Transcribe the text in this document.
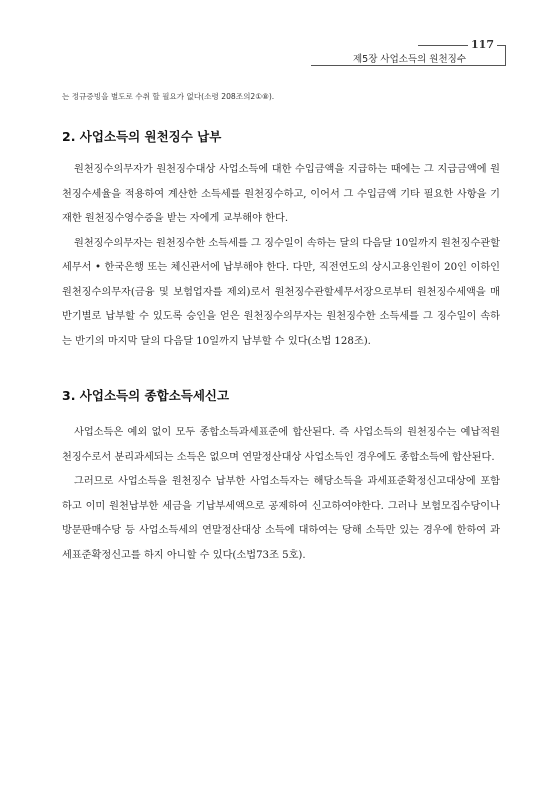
117
제5장 사업소득의 원천징수
는 정규증빙을 별도로 수취 할 필요가 없다(소령 208조의2①⑧).
2. 사업소득의 원천징수 납부

원천징수의무자가 원천징수대상 사업소득에 대한 수입금액을 지급하는 때에는 그 지급금액에 원천징수세율을 적용하여 계산한 소득세를 원천징수하고, 이어서 그 수입금액 기타 필요한 사항을 기재한 원천징수영수증을 받는 자에게 교부해야 한다.

원천징수의무자는 원천징수한 소득세를 그 징수일이 속하는 달의 다음달 10일까지 원천징수관할세무서 • 한국은행 또는 체신관서에 납부해야 한다. 다만, 직전연도의 상시고용인원이 20인 이하인 원천징수의무자(금융 및 보험업자를 제외)로서 원천징수관할세무서장으로부터 원천징수세액을 매 반기별로 납부할 수 있도록 승인을 얻은 원천징수의무자는 원천징수한 소득세를 그 징수일이 속하는 반기의 마지막 달의 다음달 10일까지 납부할 수 있다(소법 128조).

3. 사업소득의 종합소득세신고

사업소득은 예외 없이 모두 종합소득과세표준에 합산된다. 즉 사업소득의 원천징수는 예납적원천징수로서 분리과세되는 소득은 없으며 연말정산대상 사업소득인 경우에도 종합소득에 합산된다.

그러므로 사업소득을 원천징수 납부한 사업소득자는 해당소득을 과세표준확정신고대상에 포함하고 이미 원천납부한 세금을 기납부세액으로 공제하여 신고하여야한다. 그러나 보험모집수당이나 방문판매수당 등 사업소득세의 연말정산대상 소득에 대하여는 당해 소득만 있는 경우에 한하여 과세표준확정신고를 하지 아니할 수 있다(소법73조 5호).
